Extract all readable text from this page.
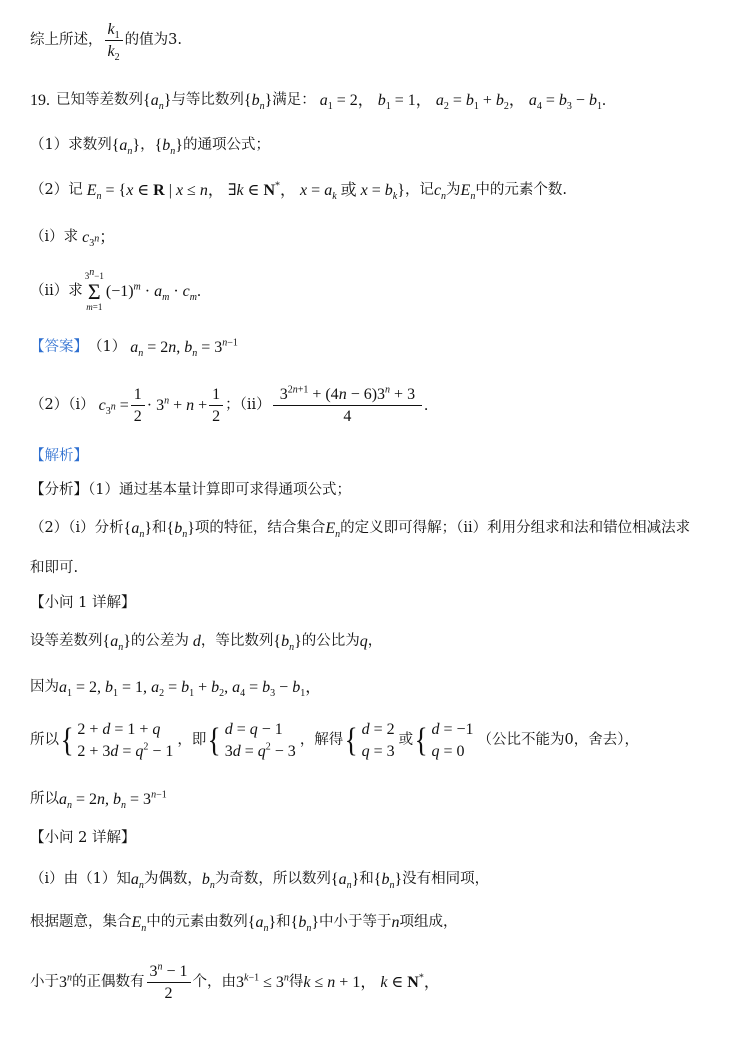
综上所述， $\frac{k_1}{k_2}$ 的值为3.
19. 已知等差数列 $\{a_n\}$ 与等比数列 $\{b_n\}$ 满足： $a_1 = 2$， $b_1 = 1$， $a_2 = b_1 + b_2$， $a_4 = b_3 - b_1$.
（1）求数列 $\{a_n\}$ ， $\{b_n\}$ 的通项公式；
（2）记 $E_n = \{x$ ∈ R | x ≤ n， ∃k ∈ N*， $x = a_k$ 或 $x = b_k$} ，记 $c_n$ 为 $E_n$ 中的元素个数.
（i）求 $c_{3^n}$；
（ii）求
$3^n-1$
Σ
m=1
$(-1)^m \cdot a_m \cdot c_m$.
【答案】 （1） $a_n = 2n$, $b_n = 3^{n-1}$
（2）（i） $c_{3^n} = \frac{1}{2} \cdot 3^n + n + \frac{1}{2}$ ；$(ii) \frac{3^{2n+1} + (4n - 6)3^n + 3}{4}$ .
【解析】
【分析】（1）通过基本量计算即可求得通项公式；
（2）（i）分析 $\{a_n\}$ 和 $\{b_n\}$ 项的特征，结合集合 $E_n$ 的定义即可得解；（ii）利用分组求和法和错位相减法求
和即可.
【小问 1 详解】
设等差数列 $\{a_n\}$ 的公差为 d ，等比数列 $\{b_n\}$ 的公比为 q ，
因为 $a_1 = 2$, $b_1 = 1$, $a_2 = b_1 + b_2$, $a_4 = b_3 - b_1$，
所以 { 2 + d = 1 + q
$2 + 3d = q^2 - 1$
，即 { d = q − 1
$3d = q^2 - 3$
，解得 { d = 2
q = 3
或 { d = −1
q = 0
（公比不能为0，舍去），
所以 $a_n = 2n$, $b_n = 3^{n-1}$
【小问 2 详解】
（i）由（1）知 $a_n$ 为偶数， $b_n$ 为奇数，所以数列 $\{a_n\}$ 和 $\{b_n\}$ 没有相同项，
根据题意，集合 $E_n$ 中的元素由数列 $\{a_n\}$ 和 $\{b_n\}$ 中小于等于 n 项组成，
小于 3$^n$ 的正偶数有 $\frac{3^n - 1}{2}$ 个，由 $3^{k-1} \le 3^n$ 得 k ≤ n + 1， k ∈ N*，
